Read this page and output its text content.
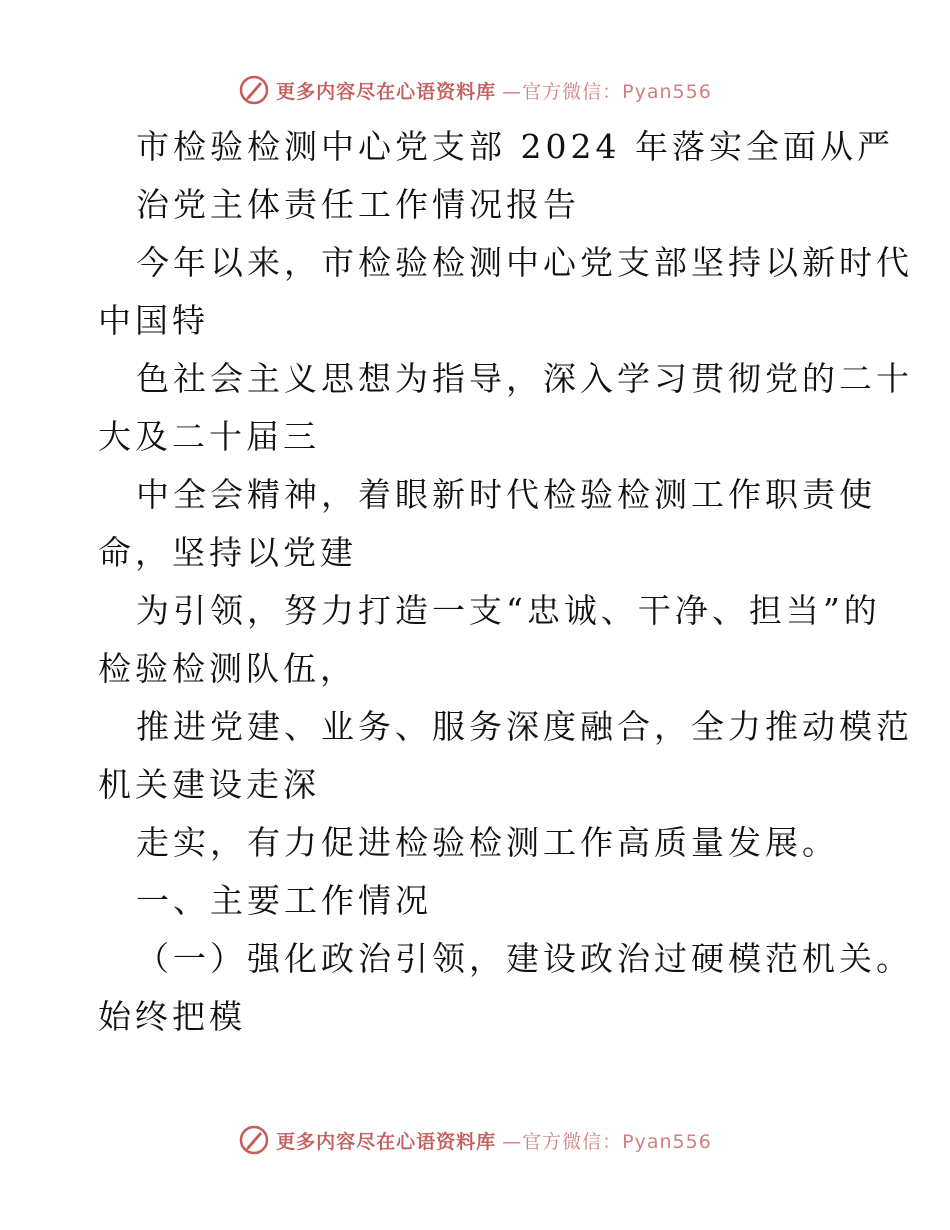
更多内容尽在心语资料库 —官方微信：Pyan556
市检验检测中心党支部 2024 年落实全面从严
治党主体责任工作情况报告
今年以来，市检验检测中心党支部坚持以新时代
中国特
色社会主义思想为指导，深入学习贯彻党的二十
大及二十届三
中全会精神，着眼新时代检验检测工作职责使
命，坚持以党建
为引领，努力打造一支“忠诚、干净、担当”的
检验检测队伍，
推进党建、业务、服务深度融合，全力推动模范
机关建设走深
走实，有力促进检验检测工作高质量发展。
一、主要工作情况
（一）强化政治引领，建设政治过硬模范机关。
始终把模
更多内容尽在心语资料库 —官方微信：Pyan556
